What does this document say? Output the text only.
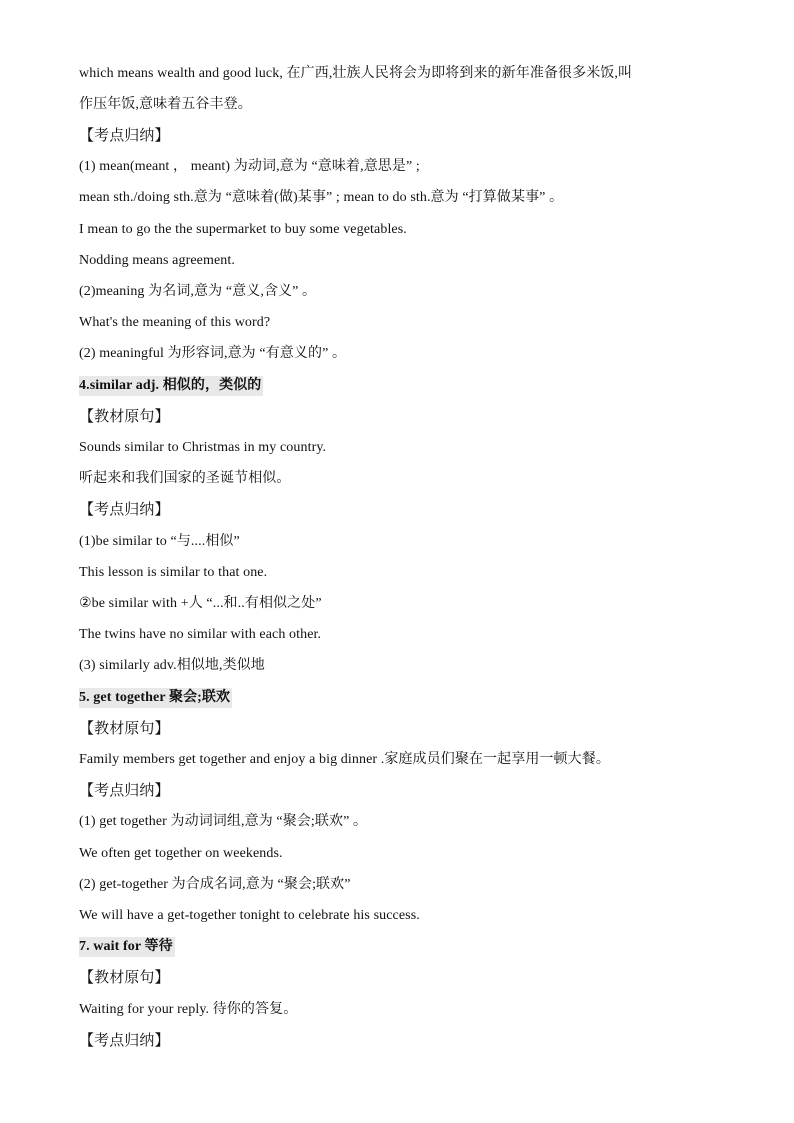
which means wealth and good luck, 在广西,壮族人民将会为即将到来的新年准备很多米饭,叫
作压年饭,意味着五谷丰登。
【考点归纳】
(1) mean(meant ， meant) 为动词,意为 “意味着,意思是” ;
mean sth./doing sth.意为 “意味着(做)某事” ; mean to do sth.意为 “打算做某事” 。
I mean to go the the supermarket to buy some vegetables.
Nodding means agreement.
(2)meaning 为名词,意为 “意义,含义” 。
What's the meaning of this word?
(2) meaningful 为形容词,意为 “有意义的” 。
4.similar adj. 相似的，类似的
【教材原句】
Sounds similar to Christmas in my country.
听起来和我们国家的圣诞节相似。
【考点归纳】
(1)be similar to “与....相似”
This lesson is similar to that one.
②be similar with +人 “...和..有相似之处”
The twins have no similar with each other.
(3) similarly adv.相似地,类似地
5. get together 聚会;联欢
【教材原句】
Family members get together and enjoy a big dinner .家庭成员们聚在一起享用一顿大餐。
【考点归纳】
(1) get together 为动词词组,意为 “聚会;联欢” 。
We often get together on weekends.
(2) get-together 为合成名词,意为 “聚会;联欢”
We will have a get-together tonight to celebrate his success.
7. wait for 等待
【教材原句】
Waiting for your reply. 待你的答复。
【考点归纳】
